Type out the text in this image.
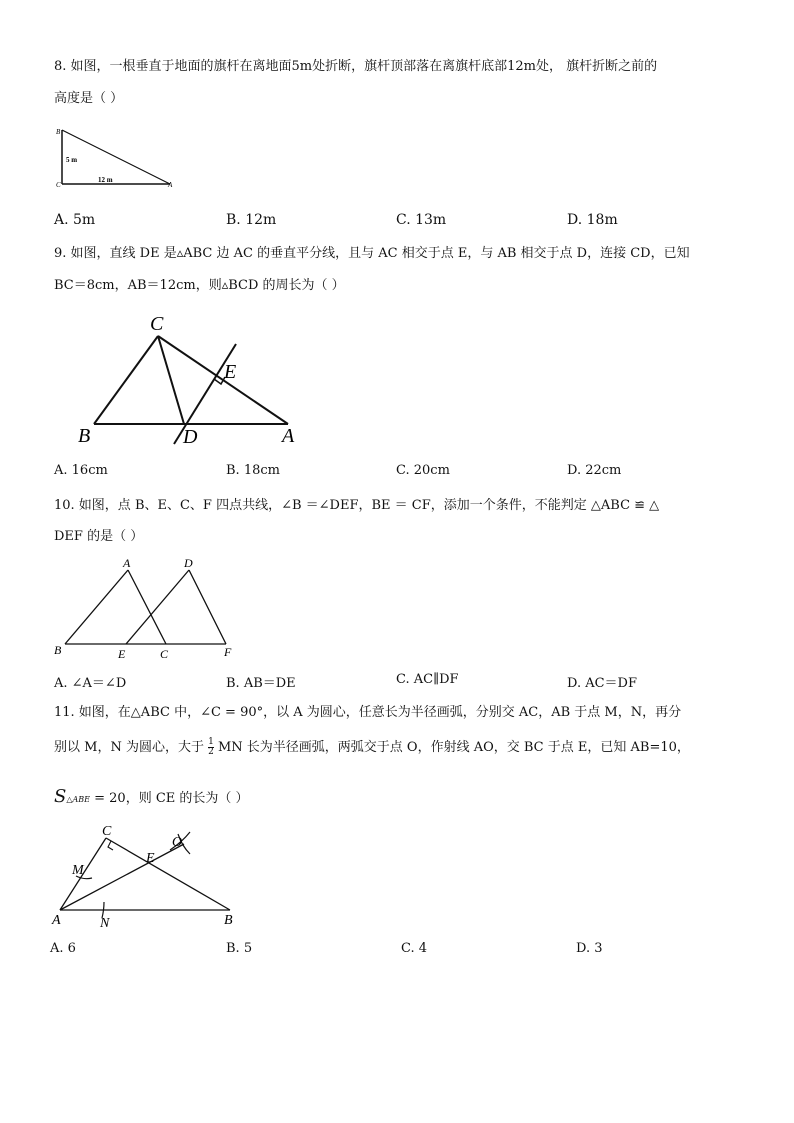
8. 如图，一根垂直于地面的旗杆在离地面5m处折断，旗杆顶部落在离旗杆底部12m处， 旗杆折断之前的
高度是（ ）
B
C	A
5 m
12 m
A. 5m	B. 12m	C. 13m	D. 18m
9. 如图，直线 DE 是▵ABC 边 AC 的垂直平分线，且与 AC 相交于点 E，与 AB 相交于点 D，连接 CD，已知
BC＝8cm，AB＝12cm，则▵BCD 的周长为（ ）
C
E
B	D	A
A. 16cm	B. 18cm	C. 20cm	D. 22cm
10. 如图，点 B、E、C、F 四点共线，∠B ＝∠DEF，BE ＝ CF，添加一个条件，不能判定 △ABC ≌ △
DEF 的是（ ）
A	D
B	E	C	F
A. ∠A＝∠D	B. AB＝DE	C. AC∥DF	D. AC＝DF
11. 如图，在△ABC 中，∠C = 90°，以 A 为圆心，任意长为半径画弧，分别交 AC，AB 于点 M，N，再分
别以 M，N 为圆心，大于 $\frac{1}{2}$ MN 长为半径画弧，两弧交于点 O，作射线 AO，交 BC 于点 E，已知 AB=10，
S△ABE = 20，则 CE 的长为（ ）
C
O
M
E
A	N	B
A. 6	B. 5	C. 4	D. 3
